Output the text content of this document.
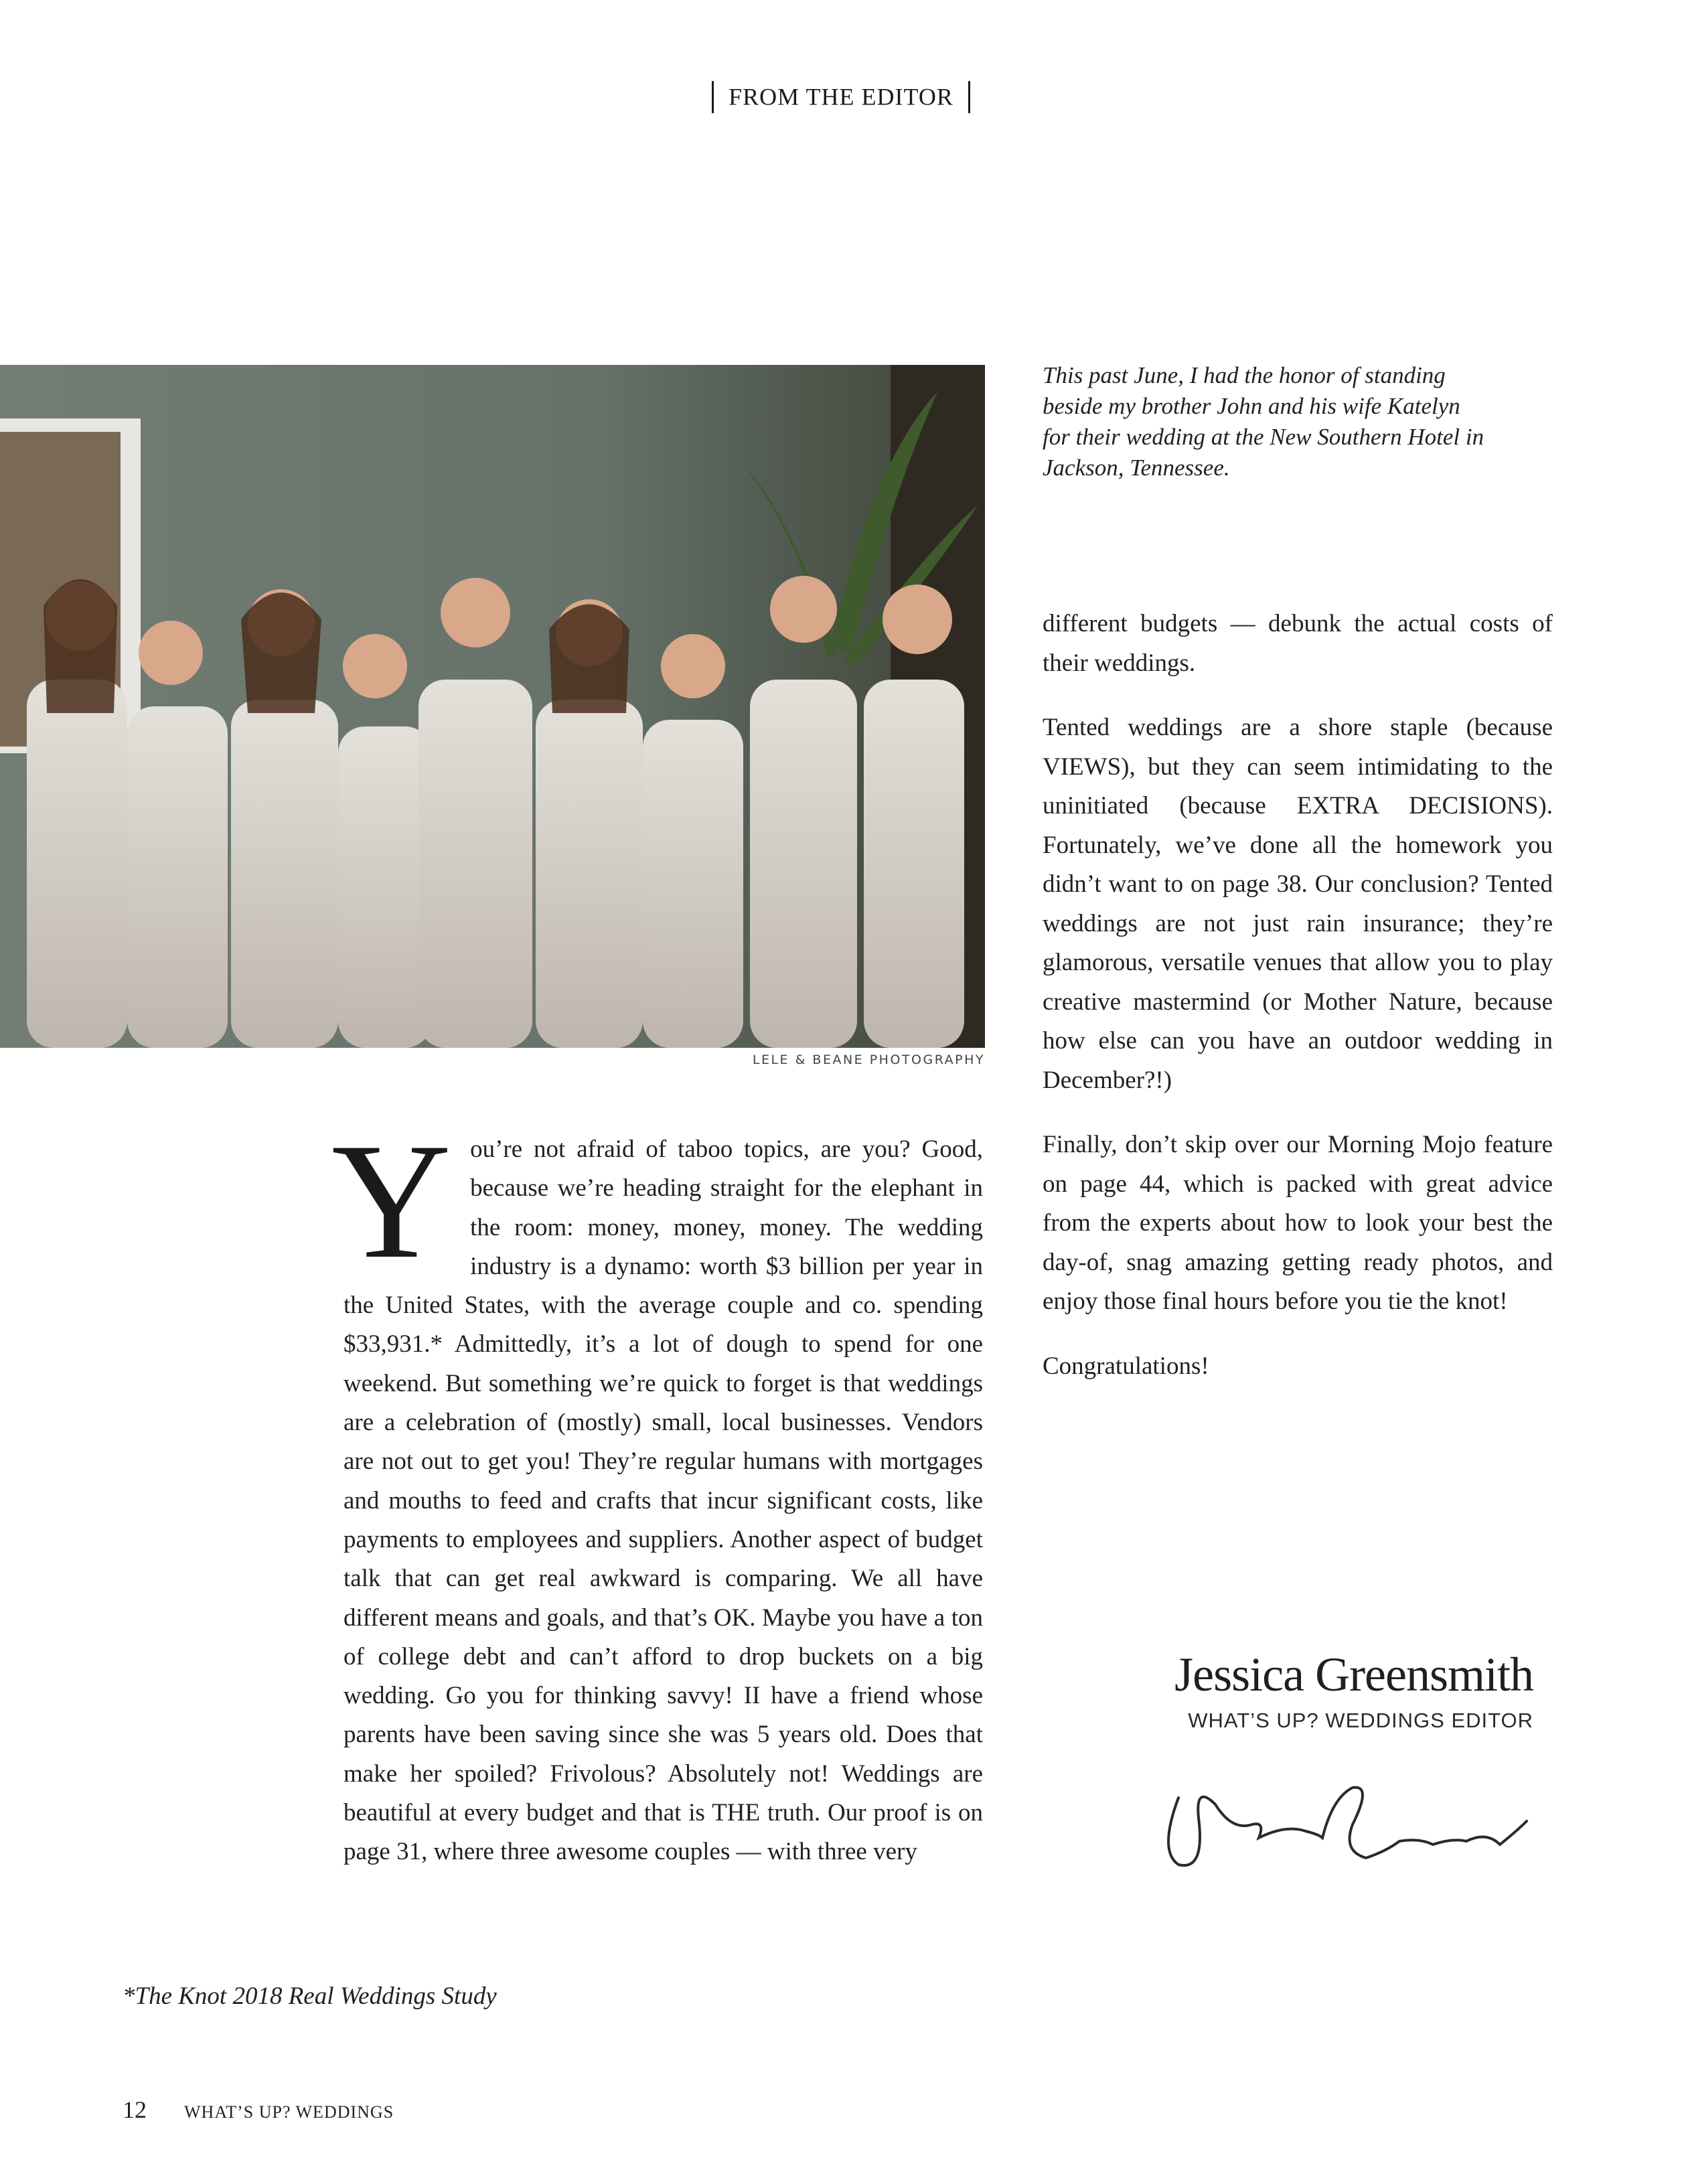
FROM THE EDITOR
LELE & BEANE PHOTOGRAPHY
This past June, I had the honor of standing beside my brother John and his wife Katelyn for their wedding at the New Southern Hotel in Jackson, Tennessee.

different budgets — debunk the actual costs of their weddings.

Tented weddings are a shore staple (because VIEWS), but they can seem intimidating to the uninitiated (because EXTRA DECISIONS). Fortunately, we’ve done all the homework you didn’t want to on page 38. Our conclusion? Tented weddings are not just rain insurance; they’re glamorous, versatile venues that allow you to play creative mastermind (or Mother Nature, because how else can you have an outdoor wedding in December?!)

Finally, don’t skip over our Morning Mojo feature on page 44, which is packed with great advice from the experts about how to look your best the day-of, snag amazing getting ready photos, and enjoy those final hours before you tie the knot!

Congratulations!

You’re not afraid of taboo topics, are you? Good, because we’re heading straight for the elephant in the room: money, money, money. The wedding industry is a dynamo: worth $3 billion per year in the United States, with the average couple and co. spending $33,931.* Admittedly, it’s a lot of dough to spend for one weekend. But something we’re quick to forget is that weddings are a celebration of (mostly) small, local businesses. Vendors are not out to get you! They’re regular humans with mortgages and mouths to feed and crafts that incur significant costs, like payments to employees and suppliers. Another aspect of budget talk that can get real awkward is comparing. We all have different means and goals, and that’s OK. Maybe you have a ton of college debt and can’t afford to drop buckets on a big wedding. Go you for thinking savvy! II have a friend whose parents have been saving since she was 5 years old. Does that make her spoiled? Frivolous? Absolutely not! Weddings are beautiful at every budget and that is THE truth. Our proof is on page 31, where three awesome couples — with three very
Jessica Greensmith
WHAT’S UP? WEDDINGS EDITOR
*The Knot 2018 Real Weddings Study
12 WHAT’S UP? WEDDINGS
